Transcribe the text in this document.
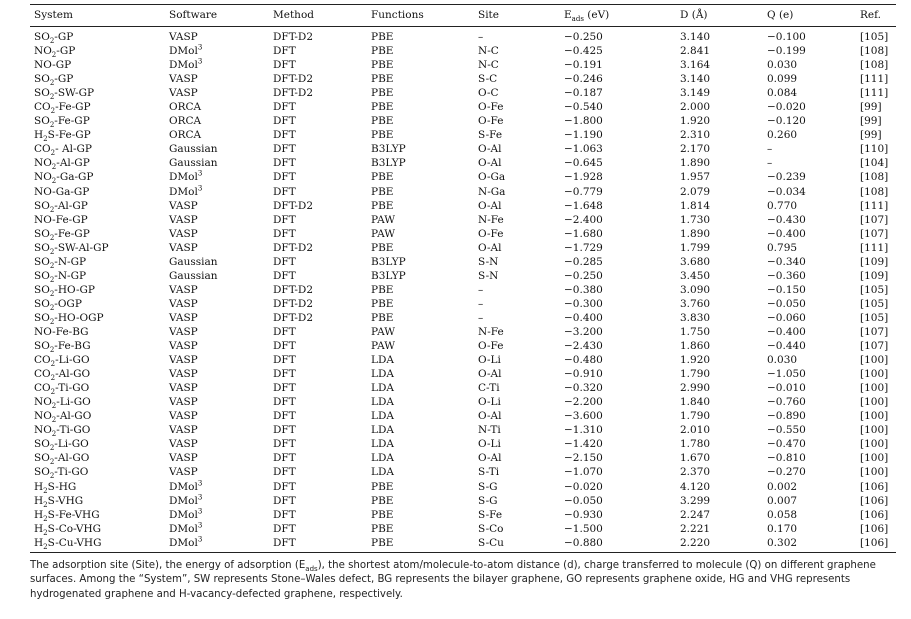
System	Software	Method	Functions	Site	$E_{ads}$ (eV)	D (Å)	Q (e)	Ref.
$SO_2-GP$	VASP	DFT-D2	PBE	–	−0.250	3.140	−0.100	[105]
$NO_2-GP$	DMol$^3$	DFT	PBE	N-C	−0.425	2.841	−0.199	[108]
NO-GP	DMol$^3$	DFT	PBE	N-C	−0.191	3.164	0.030	[108]
$SO_2-GP$	VASP	DFT-D2	PBE	S-C	−0.246	3.140	0.099	[111]
$SO_2-SW-GP$	VASP	DFT-D2	PBE	O-C	−0.187	3.149	0.084	[111]
$CO_2-Fe-GP$	ORCA	DFT	PBE	O-Fe	−0.540	2.000	−0.020	[99]
$SO_2-Fe-GP$	ORCA	DFT	PBE	O-Fe	−1.800	1.920	−0.120	[99]
$H_2S-Fe-GP$	ORCA	DFT	PBE	S-Fe	−1.190	2.310	0.260	[99]
$CO_2-$ Al-GP	Gaussian	DFT	B3LYP	O-Al	−1.063	2.170	–	[110]
$NO_2-Al-GP$	Gaussian	DFT	B3LYP	O-Al	−0.645	1.890	–	[104]
$NO_2-Ga-GP$	DMol$^3$	DFT	PBE	O-Ga	−1.928	1.957	−0.239	[108]
NO-Ga-GP	DMol$^3$	DFT	PBE	N-Ga	−0.779	2.079	−0.034	[108]
$SO_2-Al-GP$	VASP	DFT-D2	PBE	O-Al	−1.648	1.814	0.770	[111]
NO-Fe-GP	VASP	DFT	PAW	N-Fe	−2.400	1.730	−0.430	[107]
$SO_2-Fe-GP$	VASP	DFT	PAW	O-Fe	−1.680	1.890	−0.400	[107]
$SO_2-SW-Al-GP$	VASP	DFT-D2	PBE	O-Al	−1.729	1.799	0.795	[111]
$SO_2-N-GP$	Gaussian	DFT	B3LYP	S-N	−0.285	3.680	−0.340	[109]
$SO_2-N-GP$	Gaussian	DFT	B3LYP	S-N	−0.250	3.450	−0.360	[109]
$SO_2-HO-GP$	VASP	DFT-D2	PBE	–	−0.380	3.090	−0.150	[105]
$SO_2$-OGP	VASP	DFT-D2	PBE	–	−0.300	3.760	−0.050	[105]
$SO_2-HO$-OGP	VASP	DFT-D2	PBE	–	−0.400	3.830	−0.060	[105]
NO-Fe-BG	VASP	DFT	PAW	N-Fe	−3.200	1.750	−0.400	[107]
$SO_2-Fe-BG$	VASP	DFT	PAW	O-Fe	−2.430	1.860	−0.440	[107]
$CO_2-Li-GO$	VASP	DFT	LDA	O-Li	−0.480	1.920	0.030	[100]
$CO_2-Al-GO$	VASP	DFT	LDA	O-Al	−0.910	1.790	−1.050	[100]
$CO_2-Ti-GO$	VASP	DFT	LDA	C-Ti	−0.320	2.990	−0.010	[100]
$NO_2-Li-GO$	VASP	DFT	LDA	O-Li	−2.200	1.840	−0.760	[100]
$NO_2-Al-GO$	VASP	DFT	LDA	O-Al	−3.600	1.790	−0.890	[100]
$NO_2-Ti-GO$	VASP	DFT	LDA	N-Ti	−1.310	2.010	−0.550	[100]
$SO_2-Li-GO$	VASP	DFT	LDA	O-Li	−1.420	1.780	−0.470	[100]
$SO_2-Al-GO$	VASP	DFT	LDA	O-Al	−2.150	1.670	−0.810	[100]
$SO_2-Ti-GO$	VASP	DFT	LDA	S-Ti	−1.070	2.370	−0.270	[100]
$H_2S-HG$	DMol$^3$	DFT	PBE	S-G	−0.020	4.120	0.002	[106]
$H_2S$-VHG	DMol$^3$	DFT	PBE	S-G	−0.050	3.299	0.007	[106]
$H_2S-Fe$-VHG	DMol$^3$	DFT	PBE	S-Fe	−0.930	2.247	0.058	[106]
$H_2S-Co$-VHG	DMol$^3$	DFT	PBE	S-Co	−1.500	2.221	0.170	[106]
$H_2S-Cu$-VHG	DMol$^3$	DFT	PBE	S-Cu	−0.880	2.220	0.302	[106]
The adsorption site (Site), the energy of adsorption $(E_{ads})$, the shortest atom/molecule-to-atom distance (d), charge transferred to molecule (Q) on different graphene surfaces. Among the “System”, SW represents Stone–Wales defect, BG represents the bilayer graphene, GO represents graphene oxide, HG and VHG represents hydrogenated graphene and H-vacancy-defected graphene, respectively.
